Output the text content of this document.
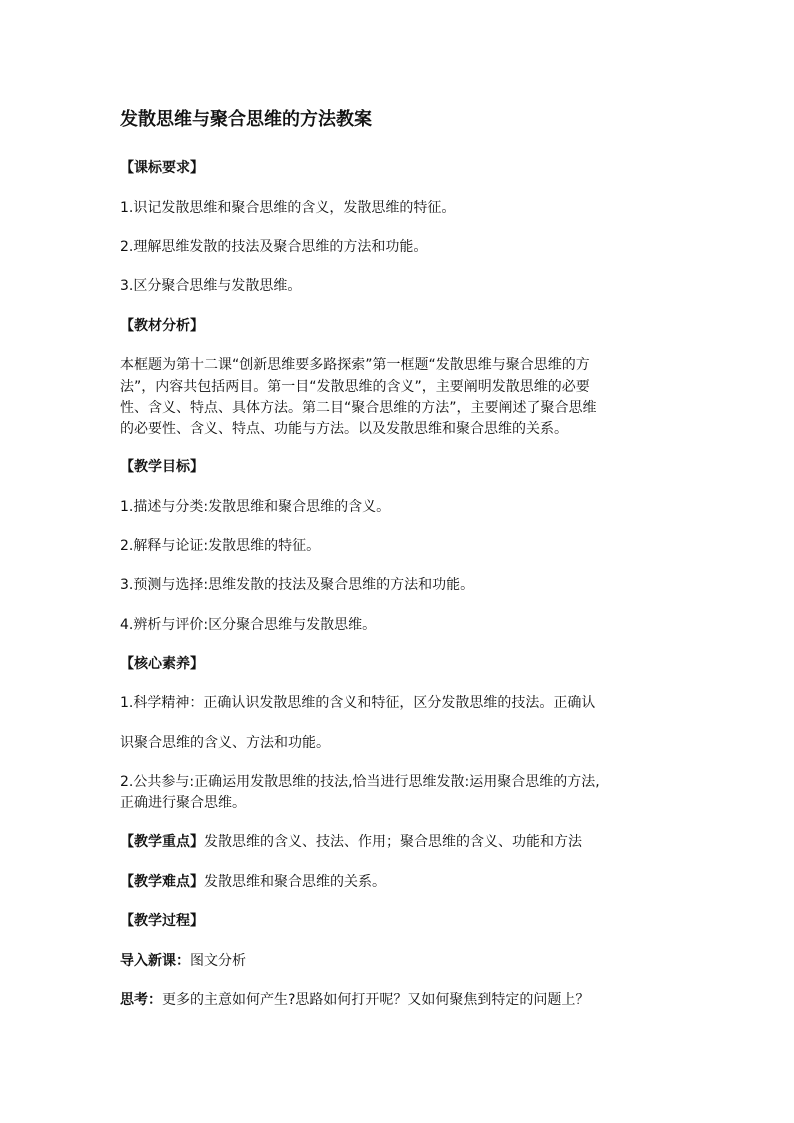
发散思维与聚合思维的方法教案
【课标要求】
1.识记发散思维和聚合思维的含义，发散思维的特征。
2.理解思维发散的技法及聚合思维的方法和功能。
3.区分聚合思维与发散思维。
【教材分析】
本框题为第十二课“创新思维要多路探索”第一框题“发散思维与聚合思维的方
法”，内容共包括两目。第一目“发散思维的含义”，主要阐明发散思维的必要
性、含义、特点、具体方法。第二目“聚合思维的方法”，主要阐述了聚合思维
的必要性、含义、特点、功能与方法。以及发散思维和聚合思维的关系。
【教学目标】
1.描述与分类:发散思维和聚合思维的含义。
2.解释与论证:发散思维的特征。
3.预测与选择:思维发散的技法及聚合思维的方法和功能。
4.辨析与评价:区分聚合思维与发散思维。
【核心素养】
1.科学精神：正确认识发散思维的含义和特征，区分发散思维的技法。正确认
识聚合思维的含义、方法和功能。
2.公共参与:正确运用发散思维的技法,恰当进行思维发散:运用聚合思维的方法,
正确进行聚合思维。
【教学重点】发散思维的含义、技法、作用；聚合思维的含义、功能和方法
【教学难点】发散思维和聚合思维的关系。
【教学过程】
导入新课：图文分析
思考：更多的主意如何产生?思路如何打开呢？又如何聚焦到特定的问题上？
